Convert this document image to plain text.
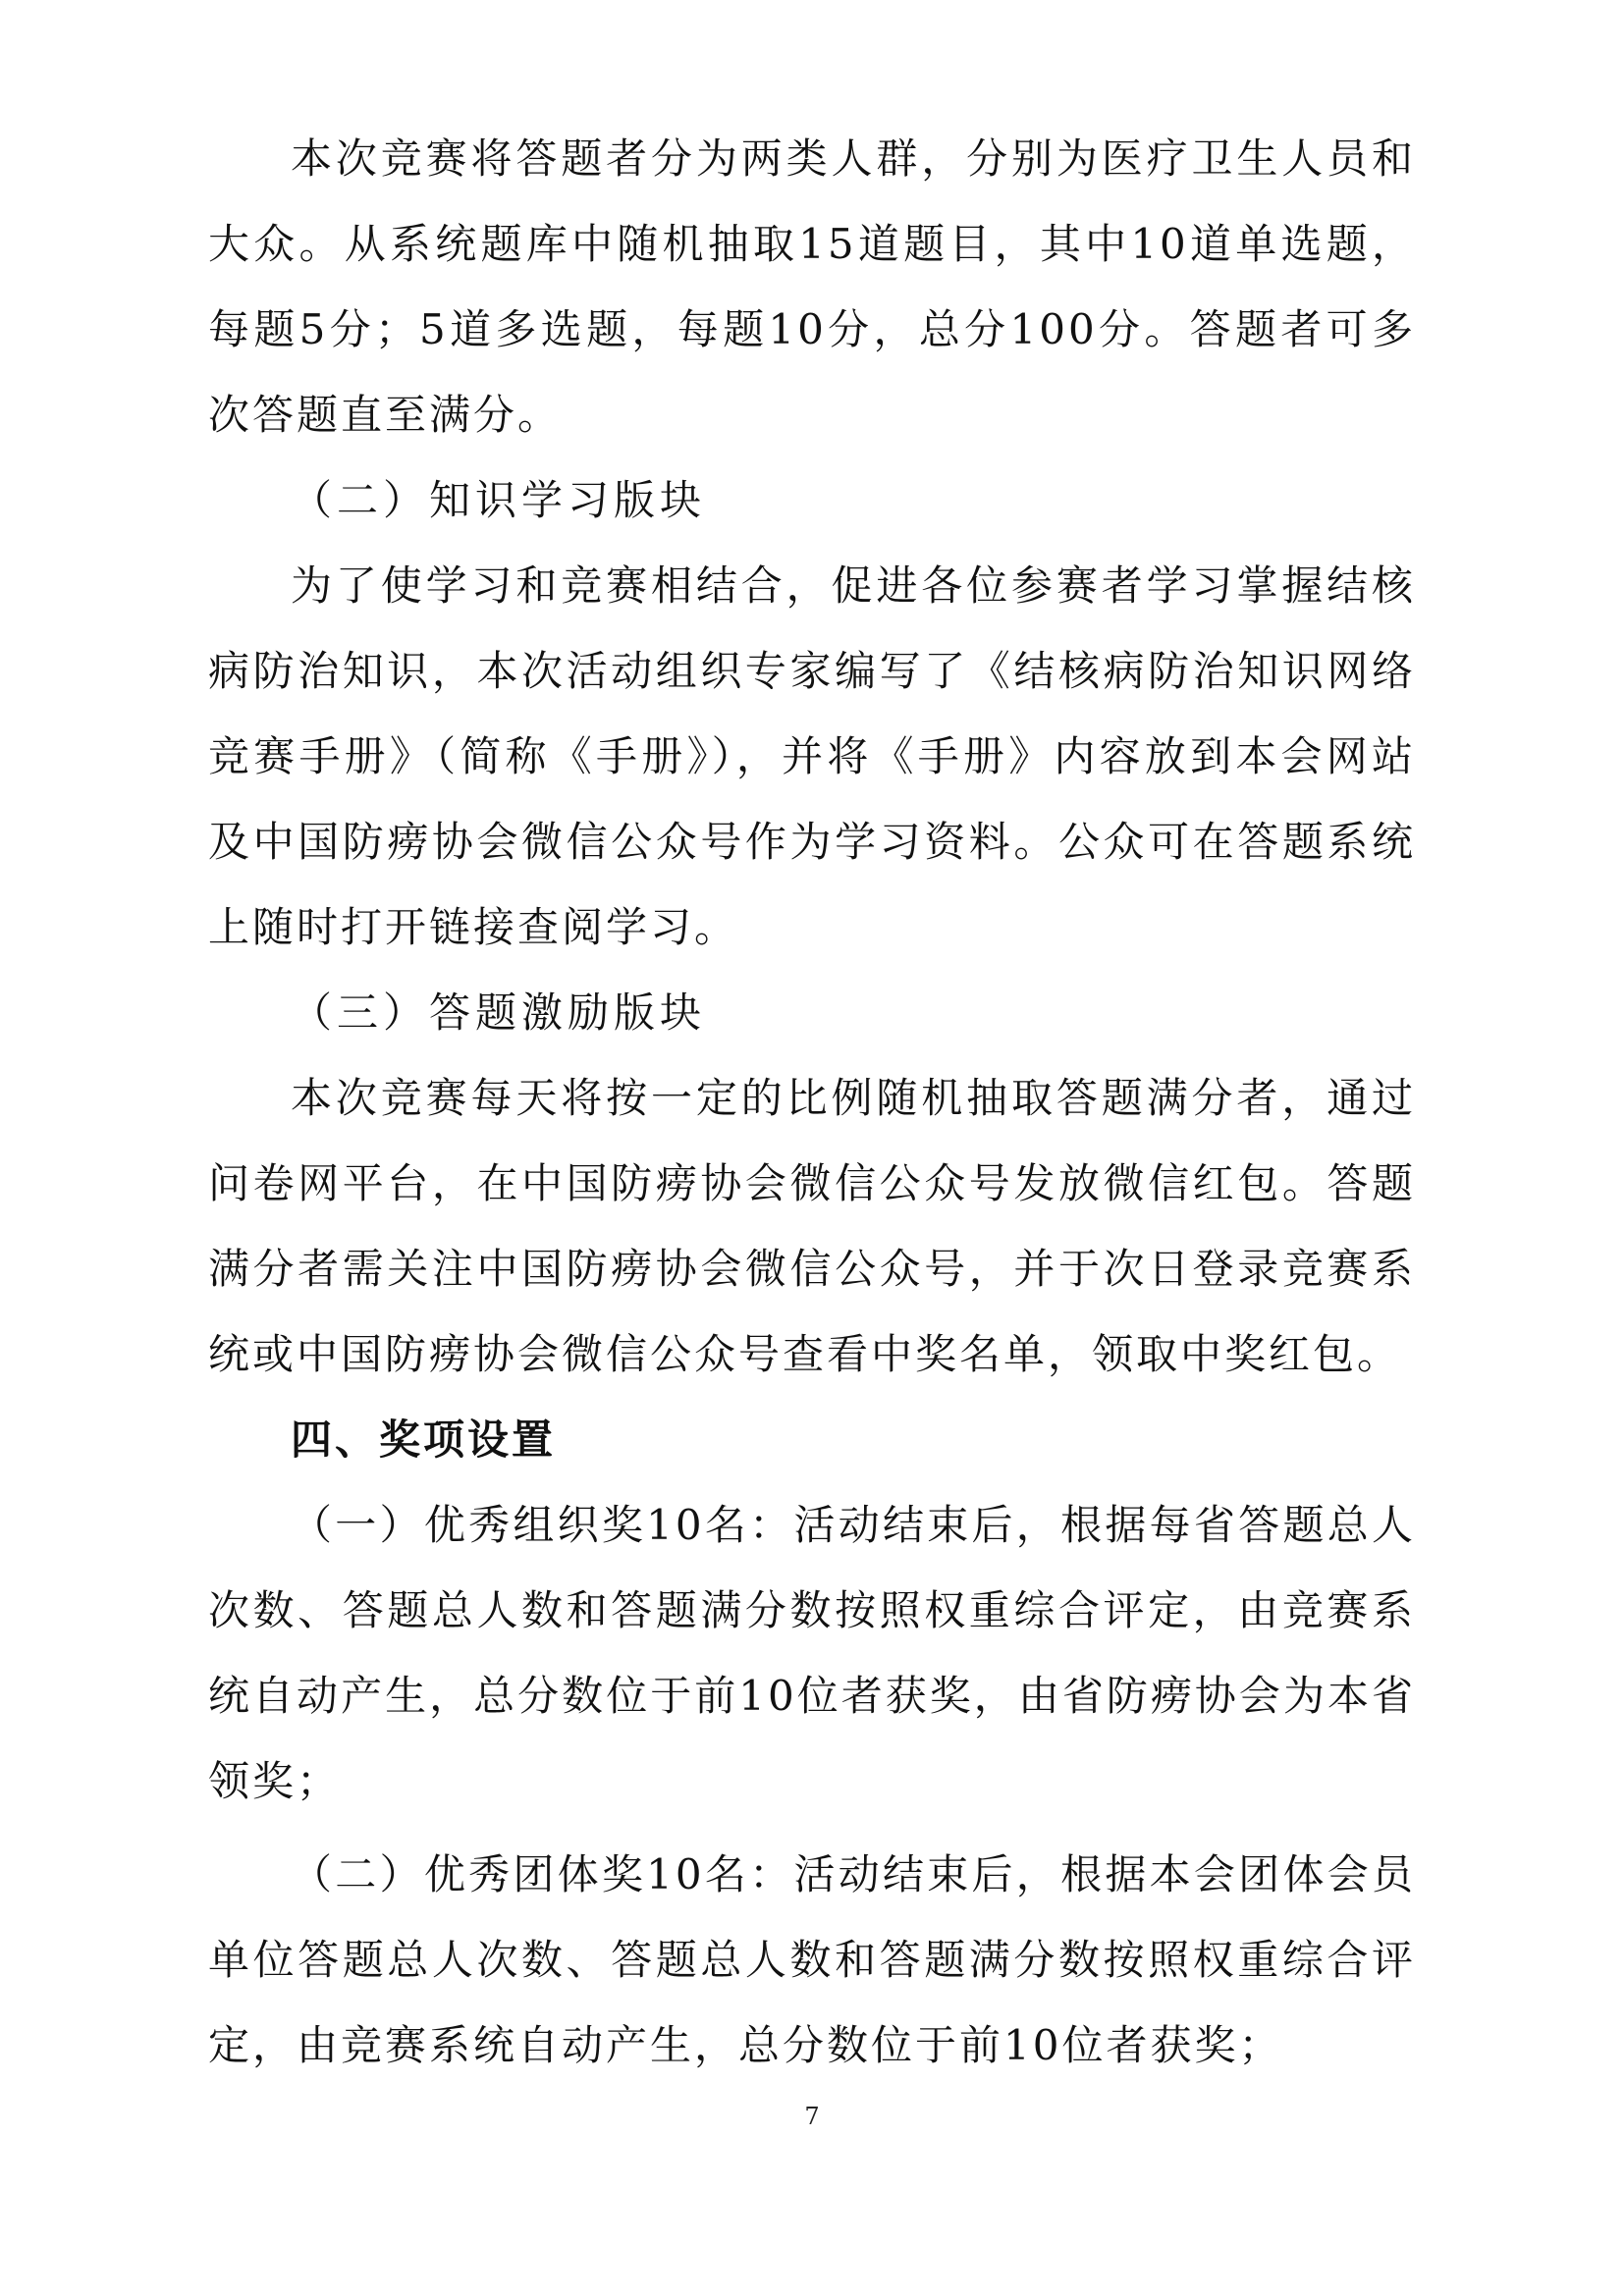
本次竞赛将答题者分为两类人群，分别为医疗卫生人员和大众。从系统题库中随机抽取15道题目，其中10道单选题，每题5分；5道多选题，每题10分，总分100分。答题者可多次答题直至满分。

（二）知识学习版块

为了使学习和竞赛相结合，促进各位参赛者学习掌握结核病防治知识，本次活动组织专家编写了《结核病防治知识网络竞赛手册》（简称《手册》），并将《手册》内容放到本会网站及中国防痨协会微信公众号作为学习资料。公众可在答题系统上随时打开链接查阅学习。

（三）答题激励版块

本次竞赛每天将按一定的比例随机抽取答题满分者，通过问卷网平台，在中国防痨协会微信公众号发放微信红包。答题满分者需关注中国防痨协会微信公众号，并于次日登录竞赛系统或中国防痨协会微信公众号查看中奖名单，领取中奖红包。

四、奖项设置

（一）优秀组织奖10名：活动结束后，根据每省答题总人次数、答题总人数和答题满分数按照权重综合评定，由竞赛系统自动产生，总分数位于前10位者获奖，由省防痨协会为本省领奖；

（二）优秀团体奖10名：活动结束后，根据本会团体会员单位答题总人次数、答题总人数和答题满分数按照权重综合评定，由竞赛系统自动产生，总分数位于前10位者获奖；

7
